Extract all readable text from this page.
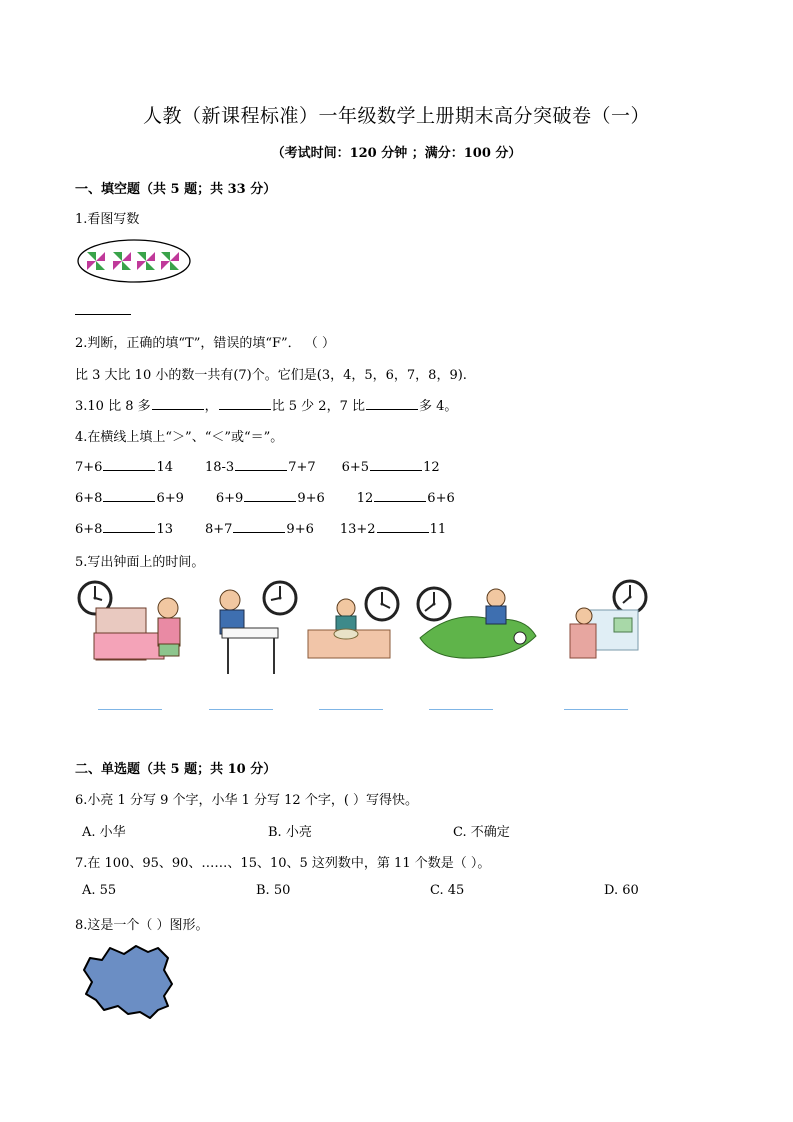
人教（新课程标准）一年级数学上册期末高分突破卷（一）
（考试时间：120 分钟 ；满分：100 分）
一、填空题（共 5 题；共 33 分）
1.看图写数
2.判断，正确的填“T”，错误的填“F”． （ ）
比 3 大比 10 小的数一共有(7)个。它们是(3，4，5，6，7，8，9).
3.10 比 8 多	，	比 5 少 2，7 比	多 4。
4.在横线上填上“＞”、“＜”或“＝”。
7+6	14 18-3	7+7 6+5	12
6+8	6+9 6+9	9+6 12	6+6
6+8	13 8+7	9+6 13+2	11
5.写出钟面上的时间。
二、单选题（共 5 题；共 10 分）
6.小亮 1 分写 9 个字，小华 1 分写 12 个字，( ）写得快。
A. 小华	B. 小亮	C. 不确定
7.在 100、95、90、……、15、10、5 这列数中，第 11 个数是（ ）。
A. 55	B. 50	C. 45	D. 60
8.这是一个（ ）图形。
